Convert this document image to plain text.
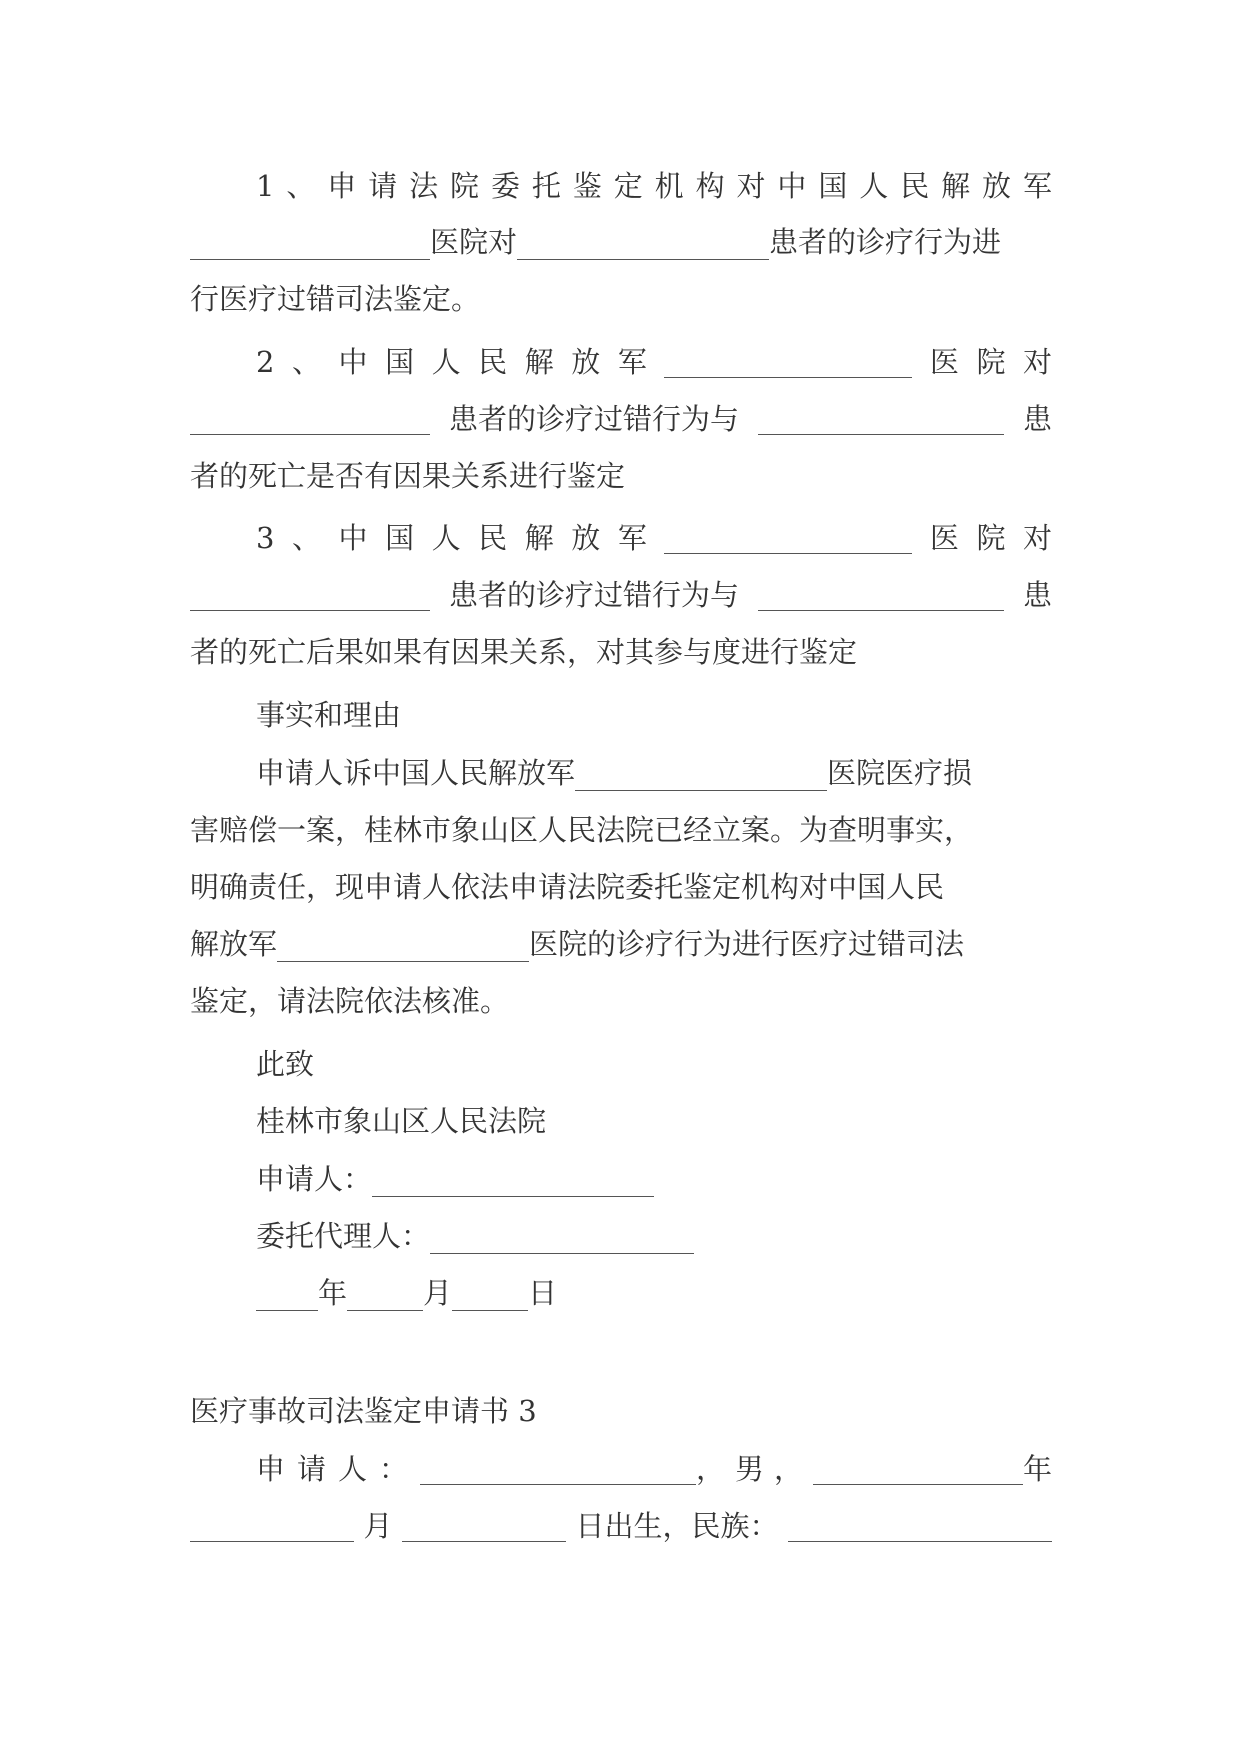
1 、 申 请 法 院 委 托 鉴 定 机 构 对 中 国 人 民 解 放 军
医院对	患者的诊疗行为进
行医疗过错司法鉴定。
2 、 中 国 人 民 解 放 军	医 院 对
患者的诊疗过错行为与	患
者的死亡是否有因果关系进行鉴定
3 、 中 国 人 民 解 放 军	医 院 对
患者的诊疗过错行为与	患
者的死亡后果如果有因果关系，对其参与度进行鉴定
事实和理由
申请人诉中国人民解放军	医院医疗损
害赔偿一案，桂林市象山区人民法院已经立案。为查明事实，
明确责任，现申请人依法申请法院委托鉴定机构对中国人民
解放军	医院的诊疗行为进行医疗过错司法
鉴定，请法院依法核准。
此致
桂林市象山区人民法院
申请人：
委托代理人：
年	月	日
医疗事故司法鉴定申请书 3
申请人：	，男，	年
月	日出生，民族：
